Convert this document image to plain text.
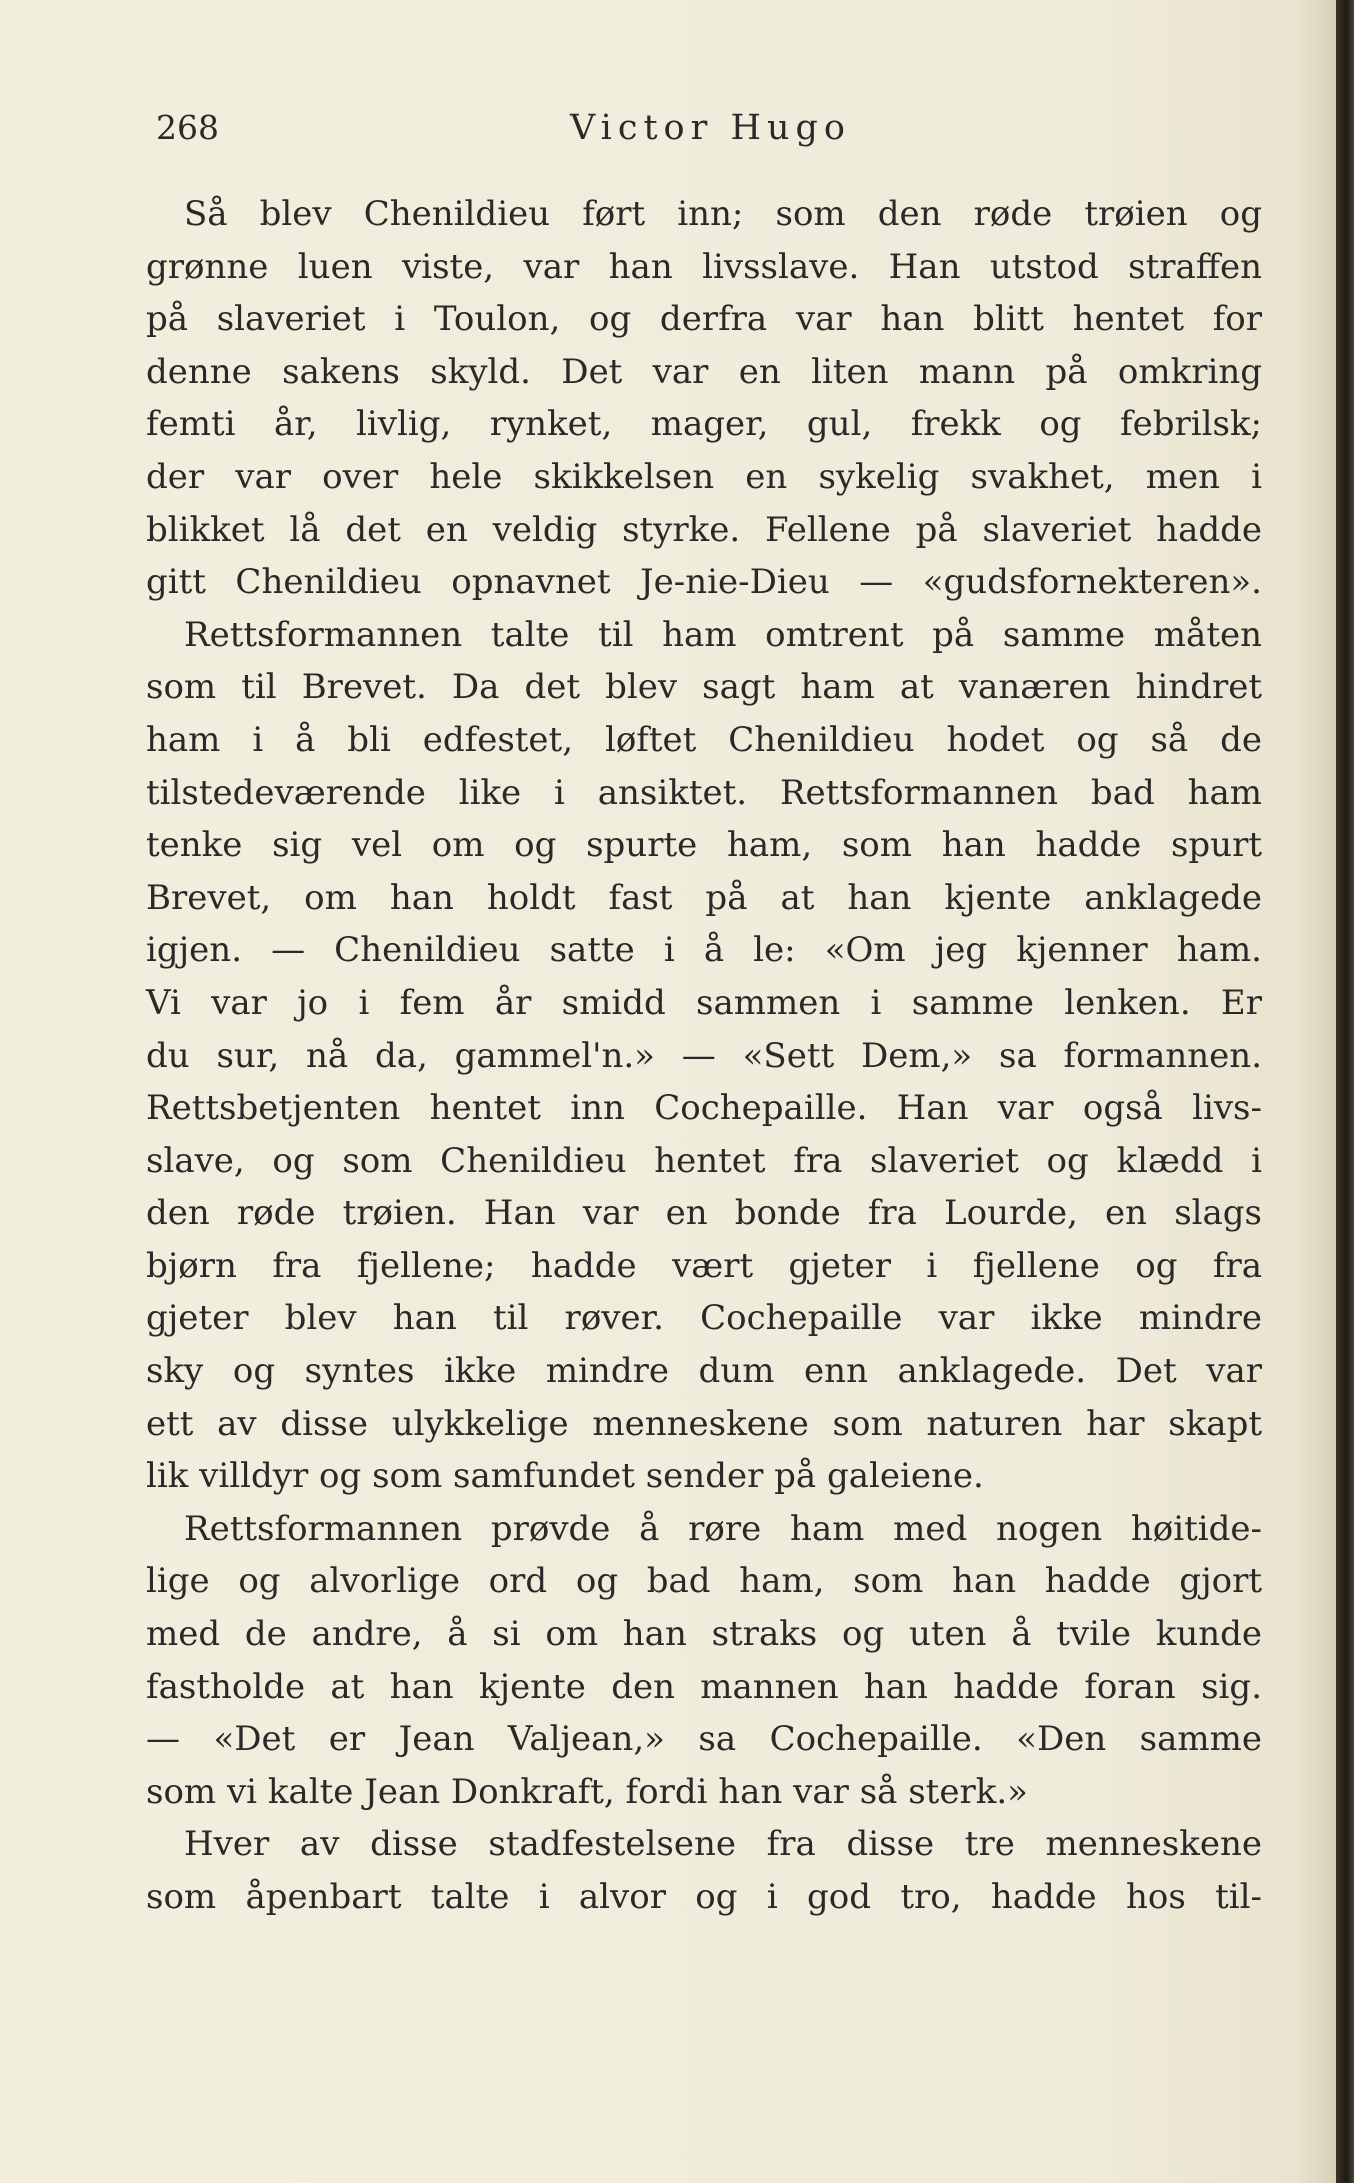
268	Victor Hugo
Så blev Chenildieu ført inn; som den røde trøien og
grønne luen viste, var han livsslave. Han utstod straffen
på slaveriet i Toulon, og derfra var han blitt hentet for
denne sakens skyld. Det var en liten mann på omkring
femti år, livlig, rynket, mager, gul, frekk og febrilsk;
der var over hele skikkelsen en sykelig svakhet, men i
blikket lå det en veldig styrke. Fellene på slaveriet hadde
gitt Chenildieu opnavnet Je-nie-Dieu — «gudsfornekteren».
Rettsformannen talte til ham omtrent på samme måten
som til Brevet. Da det blev sagt ham at vanæren hindret
ham i å bli edfestet, løftet Chenildieu hodet og så de
tilstedeværende like i ansiktet. Rettsformannen bad ham
tenke sig vel om og spurte ham, som han hadde spurt
Brevet, om han holdt fast på at han kjente anklagede
igjen. — Chenildieu satte i å le: «Om jeg kjenner ham.
Vi var jo i fem år smidd sammen i samme lenken. Er
du sur, nå da, gammel'n.» — «Sett Dem,» sa formannen.
Rettsbetjenten hentet inn Cochepaille. Han var også livs-
slave, og som Chenildieu hentet fra slaveriet og klædd i
den røde trøien. Han var en bonde fra Lourde, en slags
bjørn fra fjellene; hadde vært gjeter i fjellene og fra
gjeter blev han til røver. Cochepaille var ikke mindre
sky og syntes ikke mindre dum enn anklagede. Det var
ett av disse ulykkelige menneskene som naturen har skapt
lik villdyr og som samfundet sender på galeiene.
Rettsformannen prøvde å røre ham med nogen høitide-
lige og alvorlige ord og bad ham, som han hadde gjort
med de andre, å si om han straks og uten å tvile kunde
fastholde at han kjente den mannen han hadde foran sig.
— «Det er Jean Valjean,» sa Cochepaille. «Den samme
som vi kalte Jean Donkraft, fordi han var så sterk.»
Hver av disse stadfestelsene fra disse tre menneskene
som åpenbart talte i alvor og i god tro, hadde hos til-
